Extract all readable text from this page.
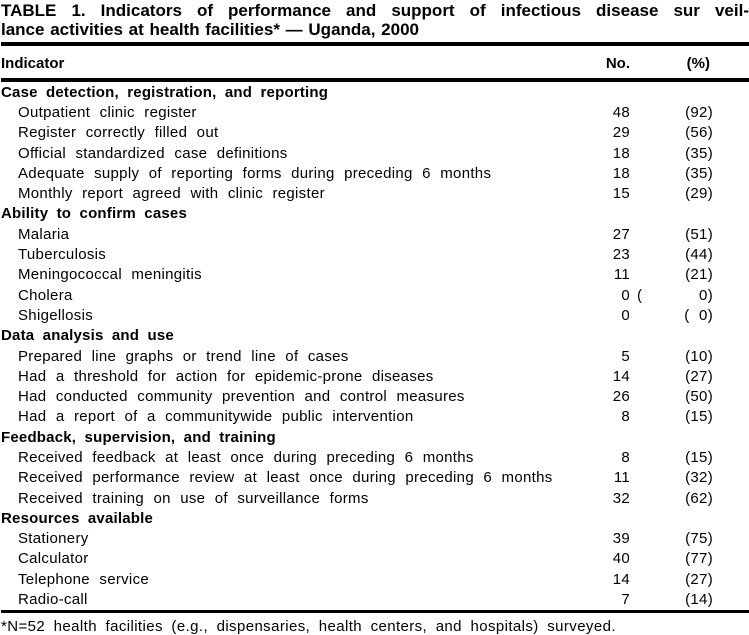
TABLE 1. Indicators of performance and support of infectious disease sur veil-
lance activities at health facilities* — Uganda, 2000
Indicator	No.	(%)
Case detection, registration, and reporting
Outpatient clinic register	48	(92)
Register correctly filled out	29	(56)
Official standardized case definitions	18	(35)
Adequate supply of reporting forms during preceding 6 months	18	(35)
Monthly report agreed with clinic register	15	(29)
Ability to confirm cases
Malaria	27	(51)
Tuberculosis	23	(44)
Meningococcal meningitis	11	(21)
Cholera	0 (      0)
Shigellosis	0	( 0)
Data analysis and use
Prepared line graphs or trend line of cases	5	(10)
Had a threshold for action for epidemic-prone diseases	14	(27)
Had conducted community prevention and control measures	26	(50)
Had a report of a communitywide public intervention	8	(15)
Feedback, supervision, and training
Received feedback at least once during preceding 6 months	8	(15)
Received performance review at least once during preceding 6 months	11	(32)
Received training on use of surveillance forms	32	(62)
Resources available
Stationery	39	(75)
Calculator	40	(77)
Telephone service	14	(27)
Radio-call	7	(14)
*N=52 health facilities (e.g., dispensaries, health centers, and hospitals) surveyed.
